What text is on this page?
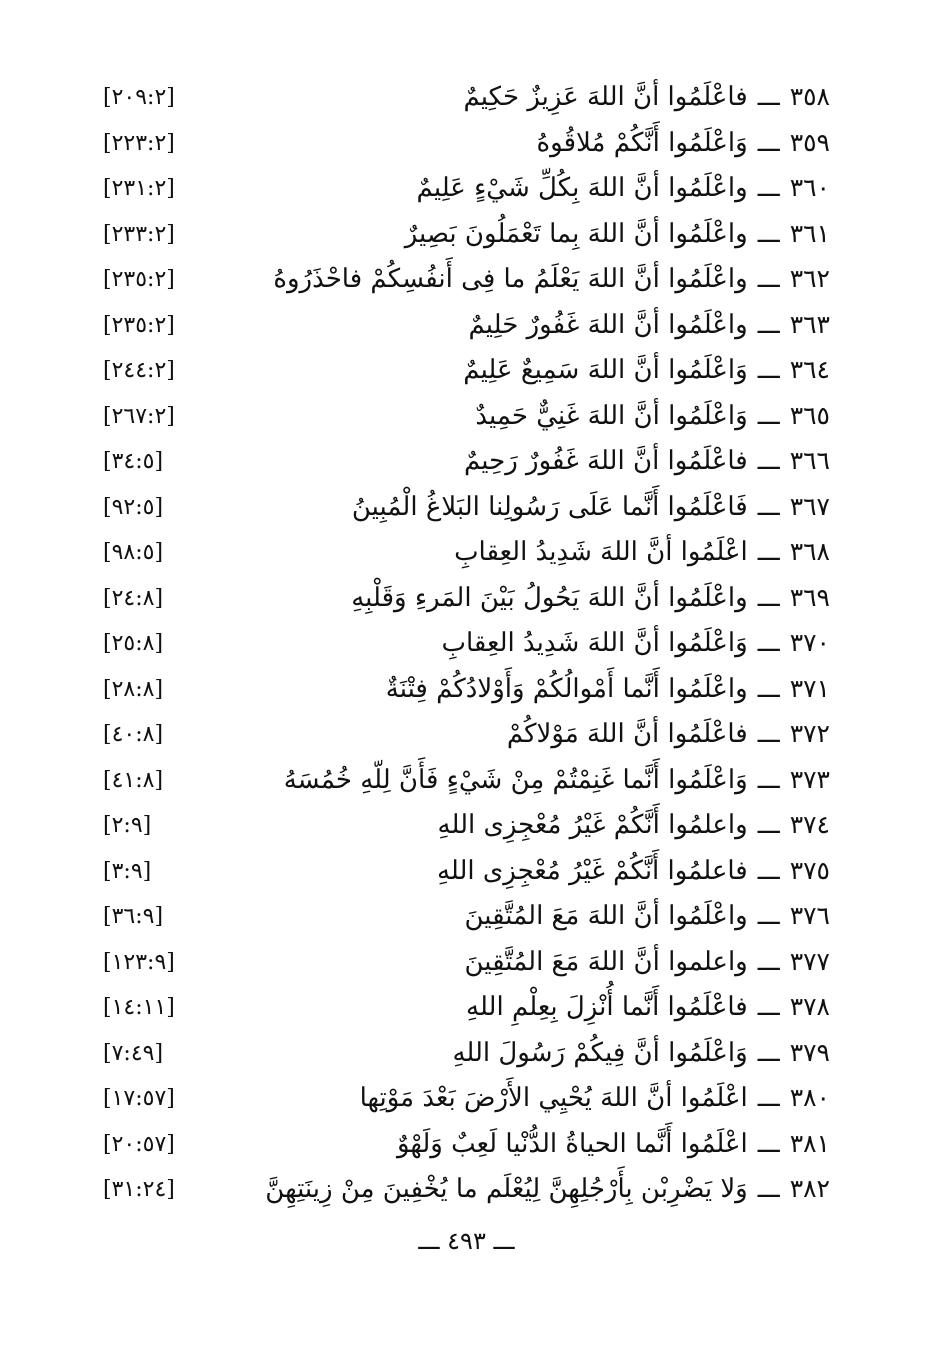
٣٥٨
ـــ
فاعْلَمُوا أنَّ اللهَ عَزِيزٌ حَكِيمٌ
[٢٠٩:٢]
٣٥٩
ـــ
وَاعْلَمُوا أَنَّكُمْ مُلاقُوهُ
[٢٢٣:٢]
٣٦٠
ـــ
واعْلَمُوا أنَّ اللهَ بِكُلِّ شَيْءٍ عَلِيمٌ
[٢٣١:٢]
٣٦١
ـــ
واعْلَمُوا أنَّ اللهَ بِما تَعْمَلُونَ بَصِيرٌ
[٢٣٣:٢]
٣٦٢
ـــ
واعْلَمُوا أنَّ اللهَ يَعْلَمُ ما فِى أَنفُسِكُمْ فاحْذَرُوهُ
[٢٣٥:٢]
٣٦٣
ـــ
واعْلَمُوا أنَّ اللهَ غَفُورٌ حَلِيمٌ
[٢٣٥:٢]
٣٦٤
ـــ
وَاعْلَمُوا أنَّ اللهَ سَمِيعٌ عَلِيمٌ
[٢٤٤:٢]
٣٦٥
ـــ
وَاعْلَمُوا أنَّ اللهَ غَنِيٌّ حَمِيدٌ
[٢٦٧:٢]
٣٦٦
ـــ
فاعْلَمُوا أنَّ اللهَ غَفُورٌ رَحِيمٌ
[٣٤:٥]
٣٦٧
ـــ
فَاعْلَمُوا أَنَّما عَلَى رَسُولِنا البَلاغُ الْمُبِينُ
[٩٢:٥]
٣٦٨
ـــ
اعْلَمُوا أنَّ اللهَ شَدِيدُ العِقابِ
[٩٨:٥]
٣٦٩
ـــ
واعْلَمُوا أنَّ اللهَ يَحُولُ بَيْنَ المَرءِ وَقَلْبِهِ
[٢٤:٨]
٣٧٠
ـــ
وَاعْلَمُوا أنَّ اللهَ شَدِيدُ العِقابِ
[٢٥:٨]
٣٧١
ـــ
واعْلَمُوا أَنَّما أَمْوالُكُمْ وَأَوْلادُكُمْ فِتْنَةٌ
[٢٨:٨]
٣٧٢
ـــ
فاعْلَمُوا أنَّ اللهَ مَوْلاكُمْ
[٤٠:٨]
٣٧٣
ـــ
وَاعْلَمُوا أَنَّما غَنِمْتُمْ مِنْ شَيْءٍ فَأَنَّ لِلّهِ خُمُسَهُ
[٤١:٨]
٣٧٤
ـــ
واعلمُوا أَنَّكُمْ غَيْرُ مُعْجِزِى اللهِ
[٢:٩]
٣٧٥
ـــ
فاعلمُوا أَنَّكُمْ غَيْرُ مُعْجِزِى اللهِ
[٣:٩]
٣٧٦
ـــ
واعْلَمُوا أنَّ اللهَ مَعَ المُتَّقِينَ
[٣٦:٩]
٣٧٧
ـــ
واعلموا أنَّ اللهَ مَعَ المُتَّقِينَ
[١٢٣:٩]
٣٧٨
ـــ
فاعْلَمُوا أَنَّما أُنْزِلَ بِعِلْمِ اللهِ
[١٤:١١]
٣٧٩
ـــ
وَاعْلَمُوا أنَّ فِيكُمْ رَسُولَ اللهِ
[٧:٤٩]
٣٨٠
ـــ
اعْلَمُوا أنَّ اللهَ يُحْيِي الأَرْضَ بَعْدَ مَوْتِها
[١٧:٥٧]
٣٨١
ـــ
اعْلَمُوا أَنَّما الحياةُ الدُّنْيا لَعِبٌ وَلَهْوٌ
[٢٠:٥٧]
٣٨٢
ـــ
وَلا يَضْرِبْن بِأَرْجُلِهِنَّ لِيُعْلَم ما يُخْفِينَ مِنْ زِينَتِهِنَّ
[٣١:٢٤]
ـــ ٤٩٣ ـــ
